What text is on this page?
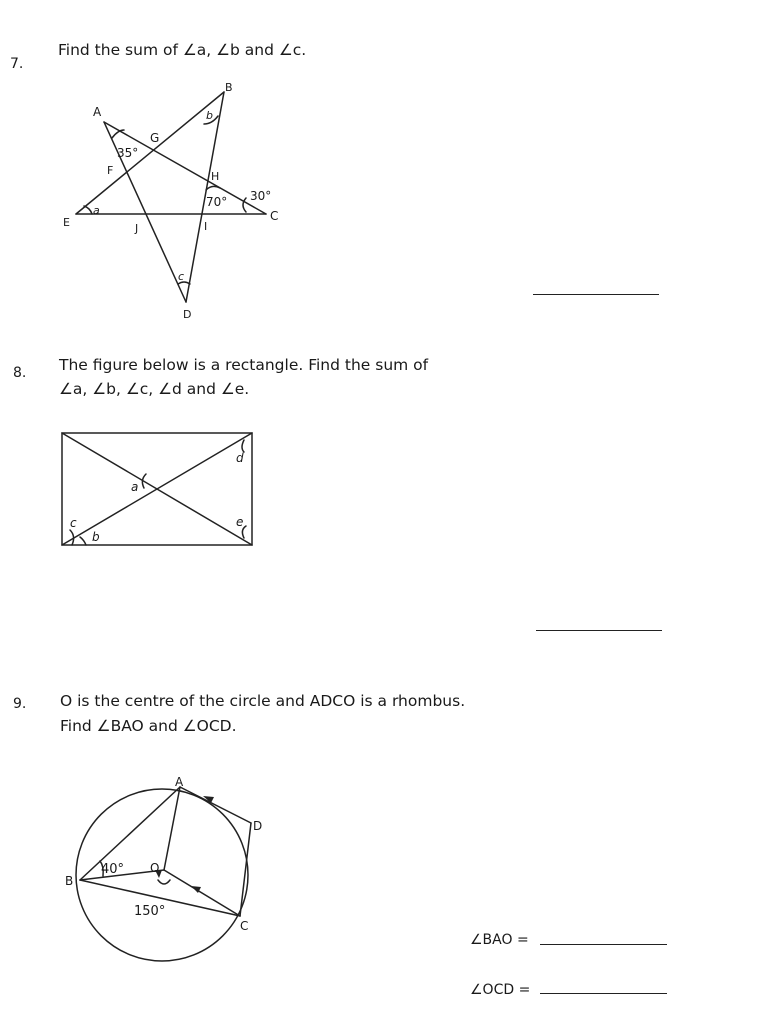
7.
Find the sum of ∠a, ∠b and ∠c.
A
B
C
D
E
F
G
H
I
J
a
b
c
35°
70° 30°
8. The figure below is a rectangle. Find the sum of
∠a, ∠b, ∠c, ∠d and ∠e.
a
b
c
d
e
9. O is the centre of the circle and ADCO is a rhombus.
Find ∠BAO and ∠OCD.
A
B
C
D
O
40°
150°
∠BAO =
∠OCD =
